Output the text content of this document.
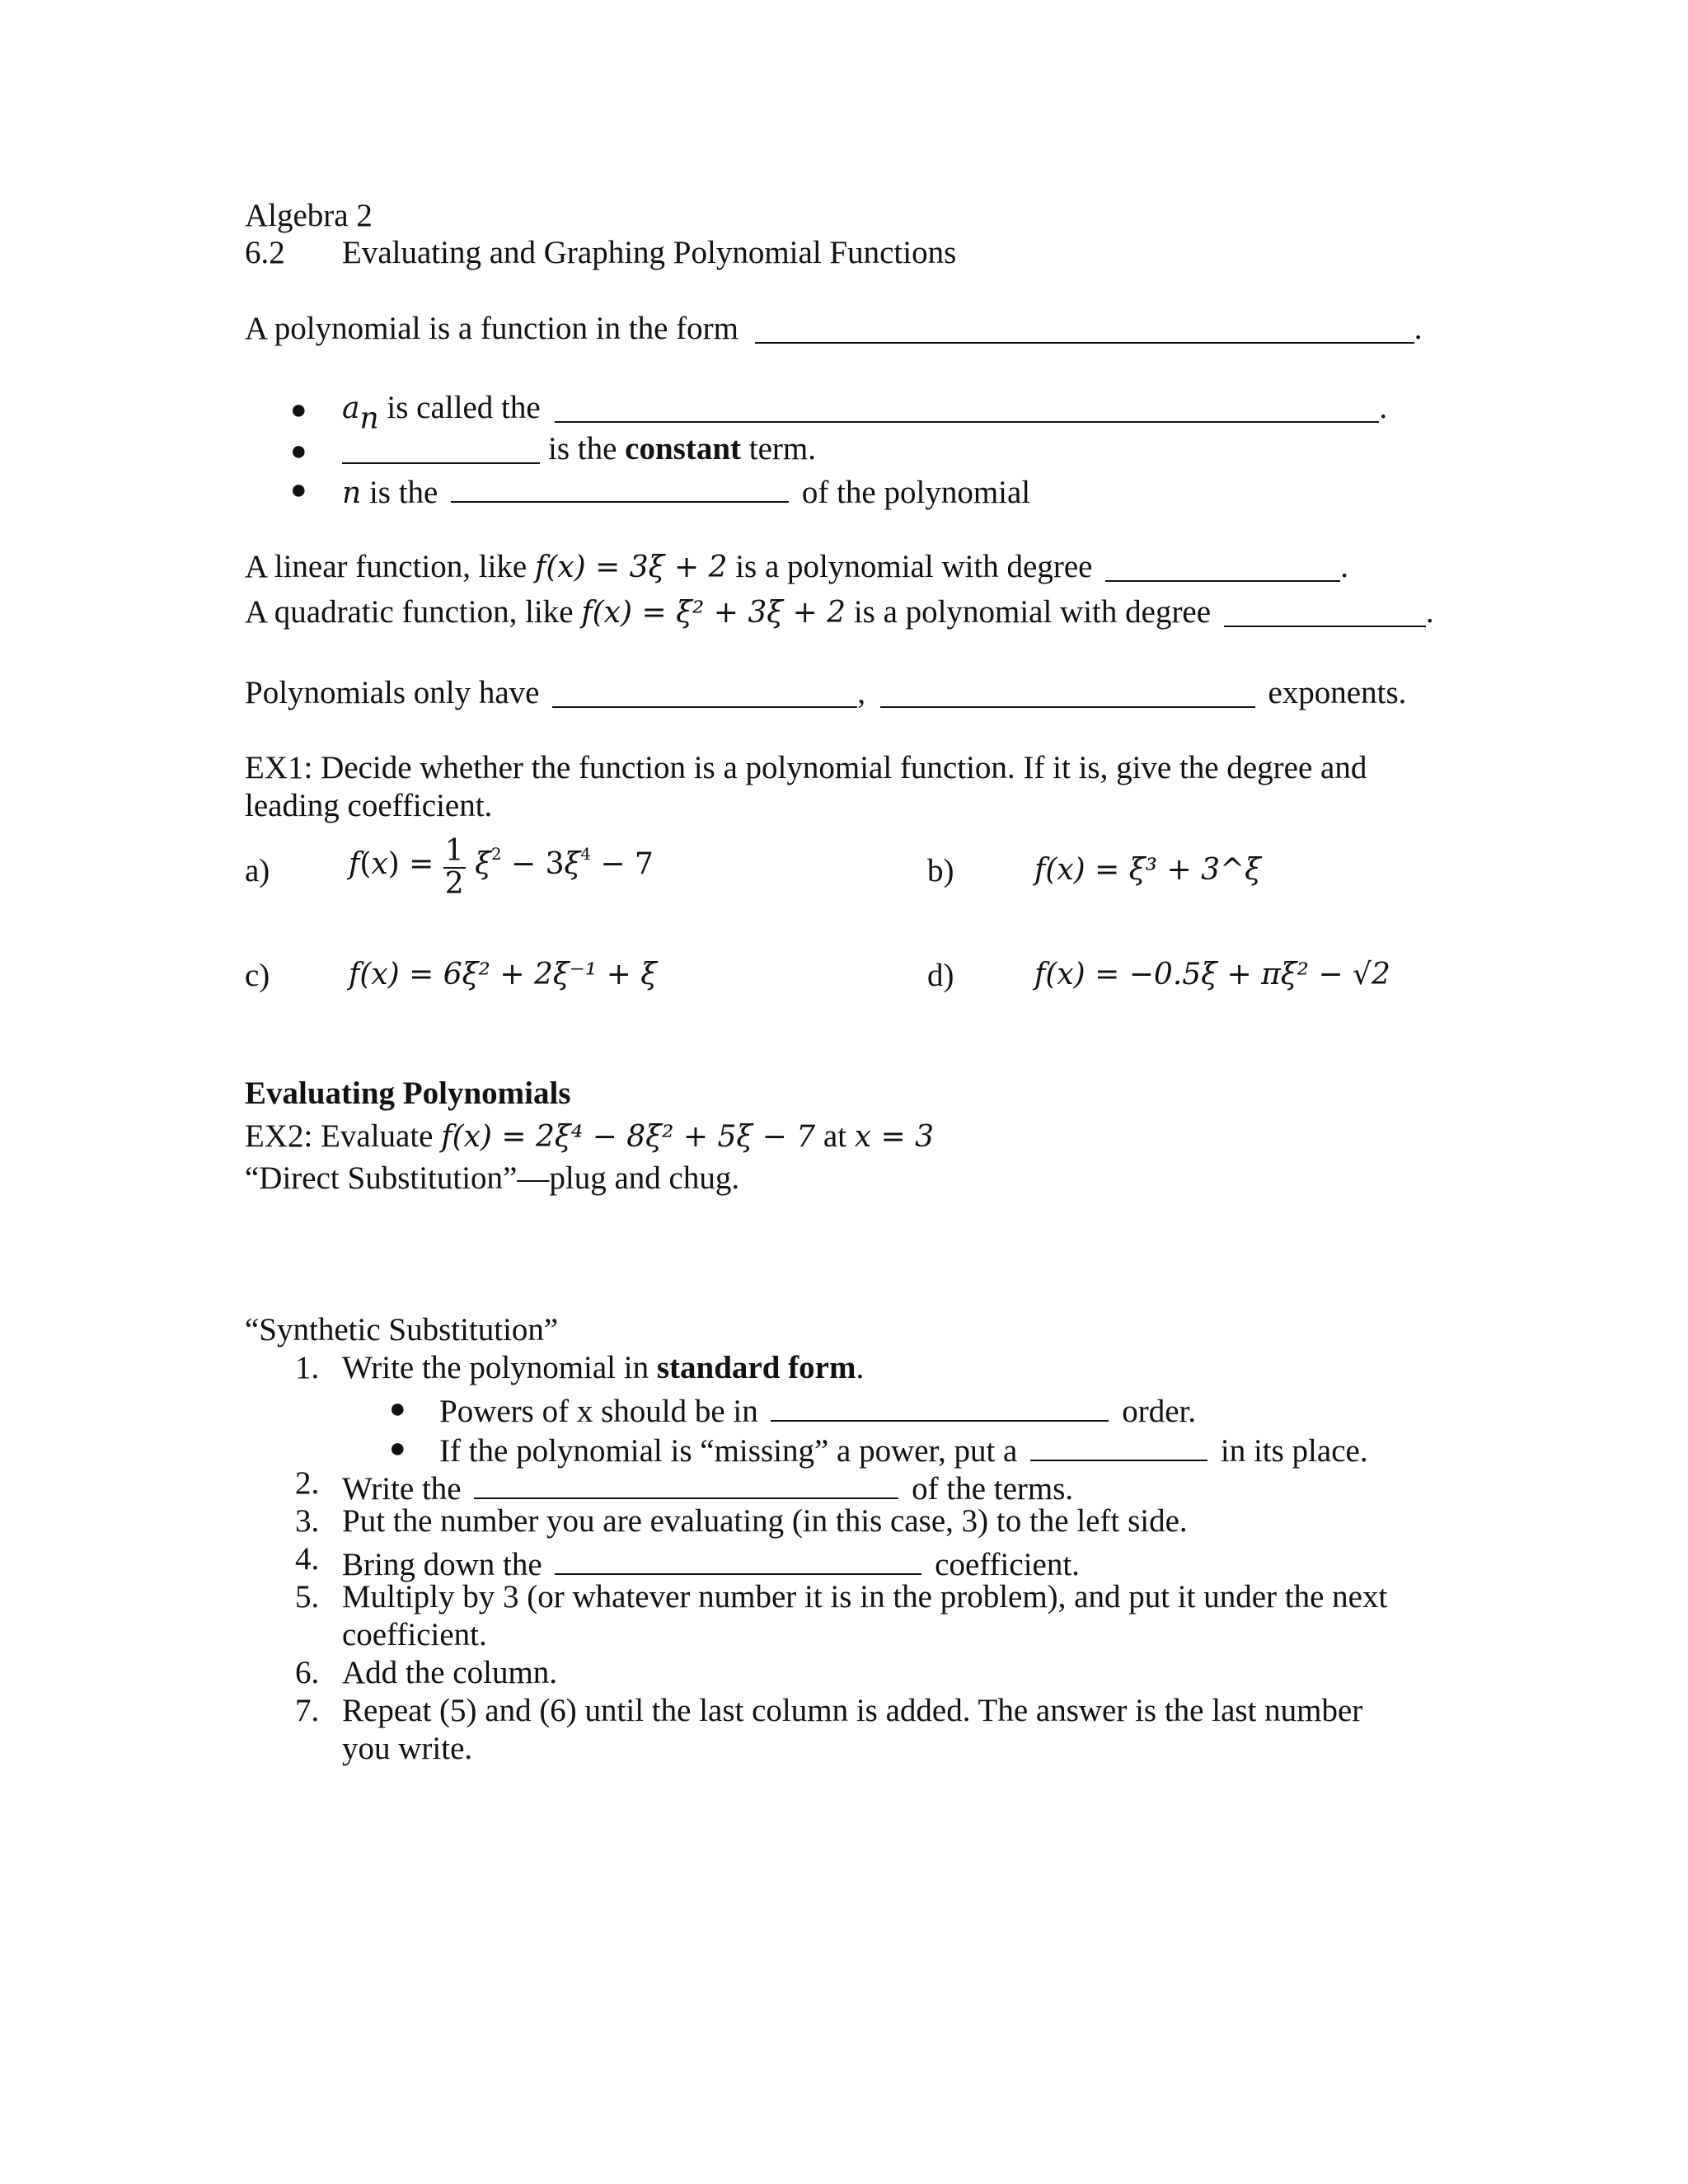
Algebra 2
6.2 Evaluating and Graphing Polynomial Functions
A polynomial is a function in the form	.
● $a_n$ is called the	.
●	is the constant term.
● n is the	of the polynomial
A linear function, like f(x) = 3ξ + 2 is a polynomial with degree	.
A quadratic function, like f(x) = ξ² + 3ξ + 2 is a polynomial with degree	.
Polynomials only have	,	exponents.
EX1: Decide whether the function is a polynomial function. If it is, give the degree and
leading coefficient.
a)	$f(x) = \frac{1}{2} \xi^2 - 3\xi^4 - 7$	b)	f(x) = ξ³ + 3^ξ
c)	f(x) = 6ξ² + 2ξ⁻¹ + ξ	d)	f(x) = −0.5ξ + πξ² − √2
Evaluating Polynomials
EX2: Evaluate f(x) = 2ξ⁴ − 8ξ² + 5ξ − 7 at x = 3
“Direct Substitution”—plug and chug.
“Synthetic Substitution”
1. Write the polynomial in standard form.
● Powers of x should be in	order.
● If the polynomial is “missing” a power, put a	in its place.
2. Write the	of the terms.
3. Put the number you are evaluating (in this case, 3) to the left side.
4. Bring down the	coefficient.
5. Multiply by 3 (or whatever number it is in the problem), and put it under the next
coefficient.
6. Add the column.
7. Repeat (5) and (6) until the last column is added. The answer is the last number
you write.
